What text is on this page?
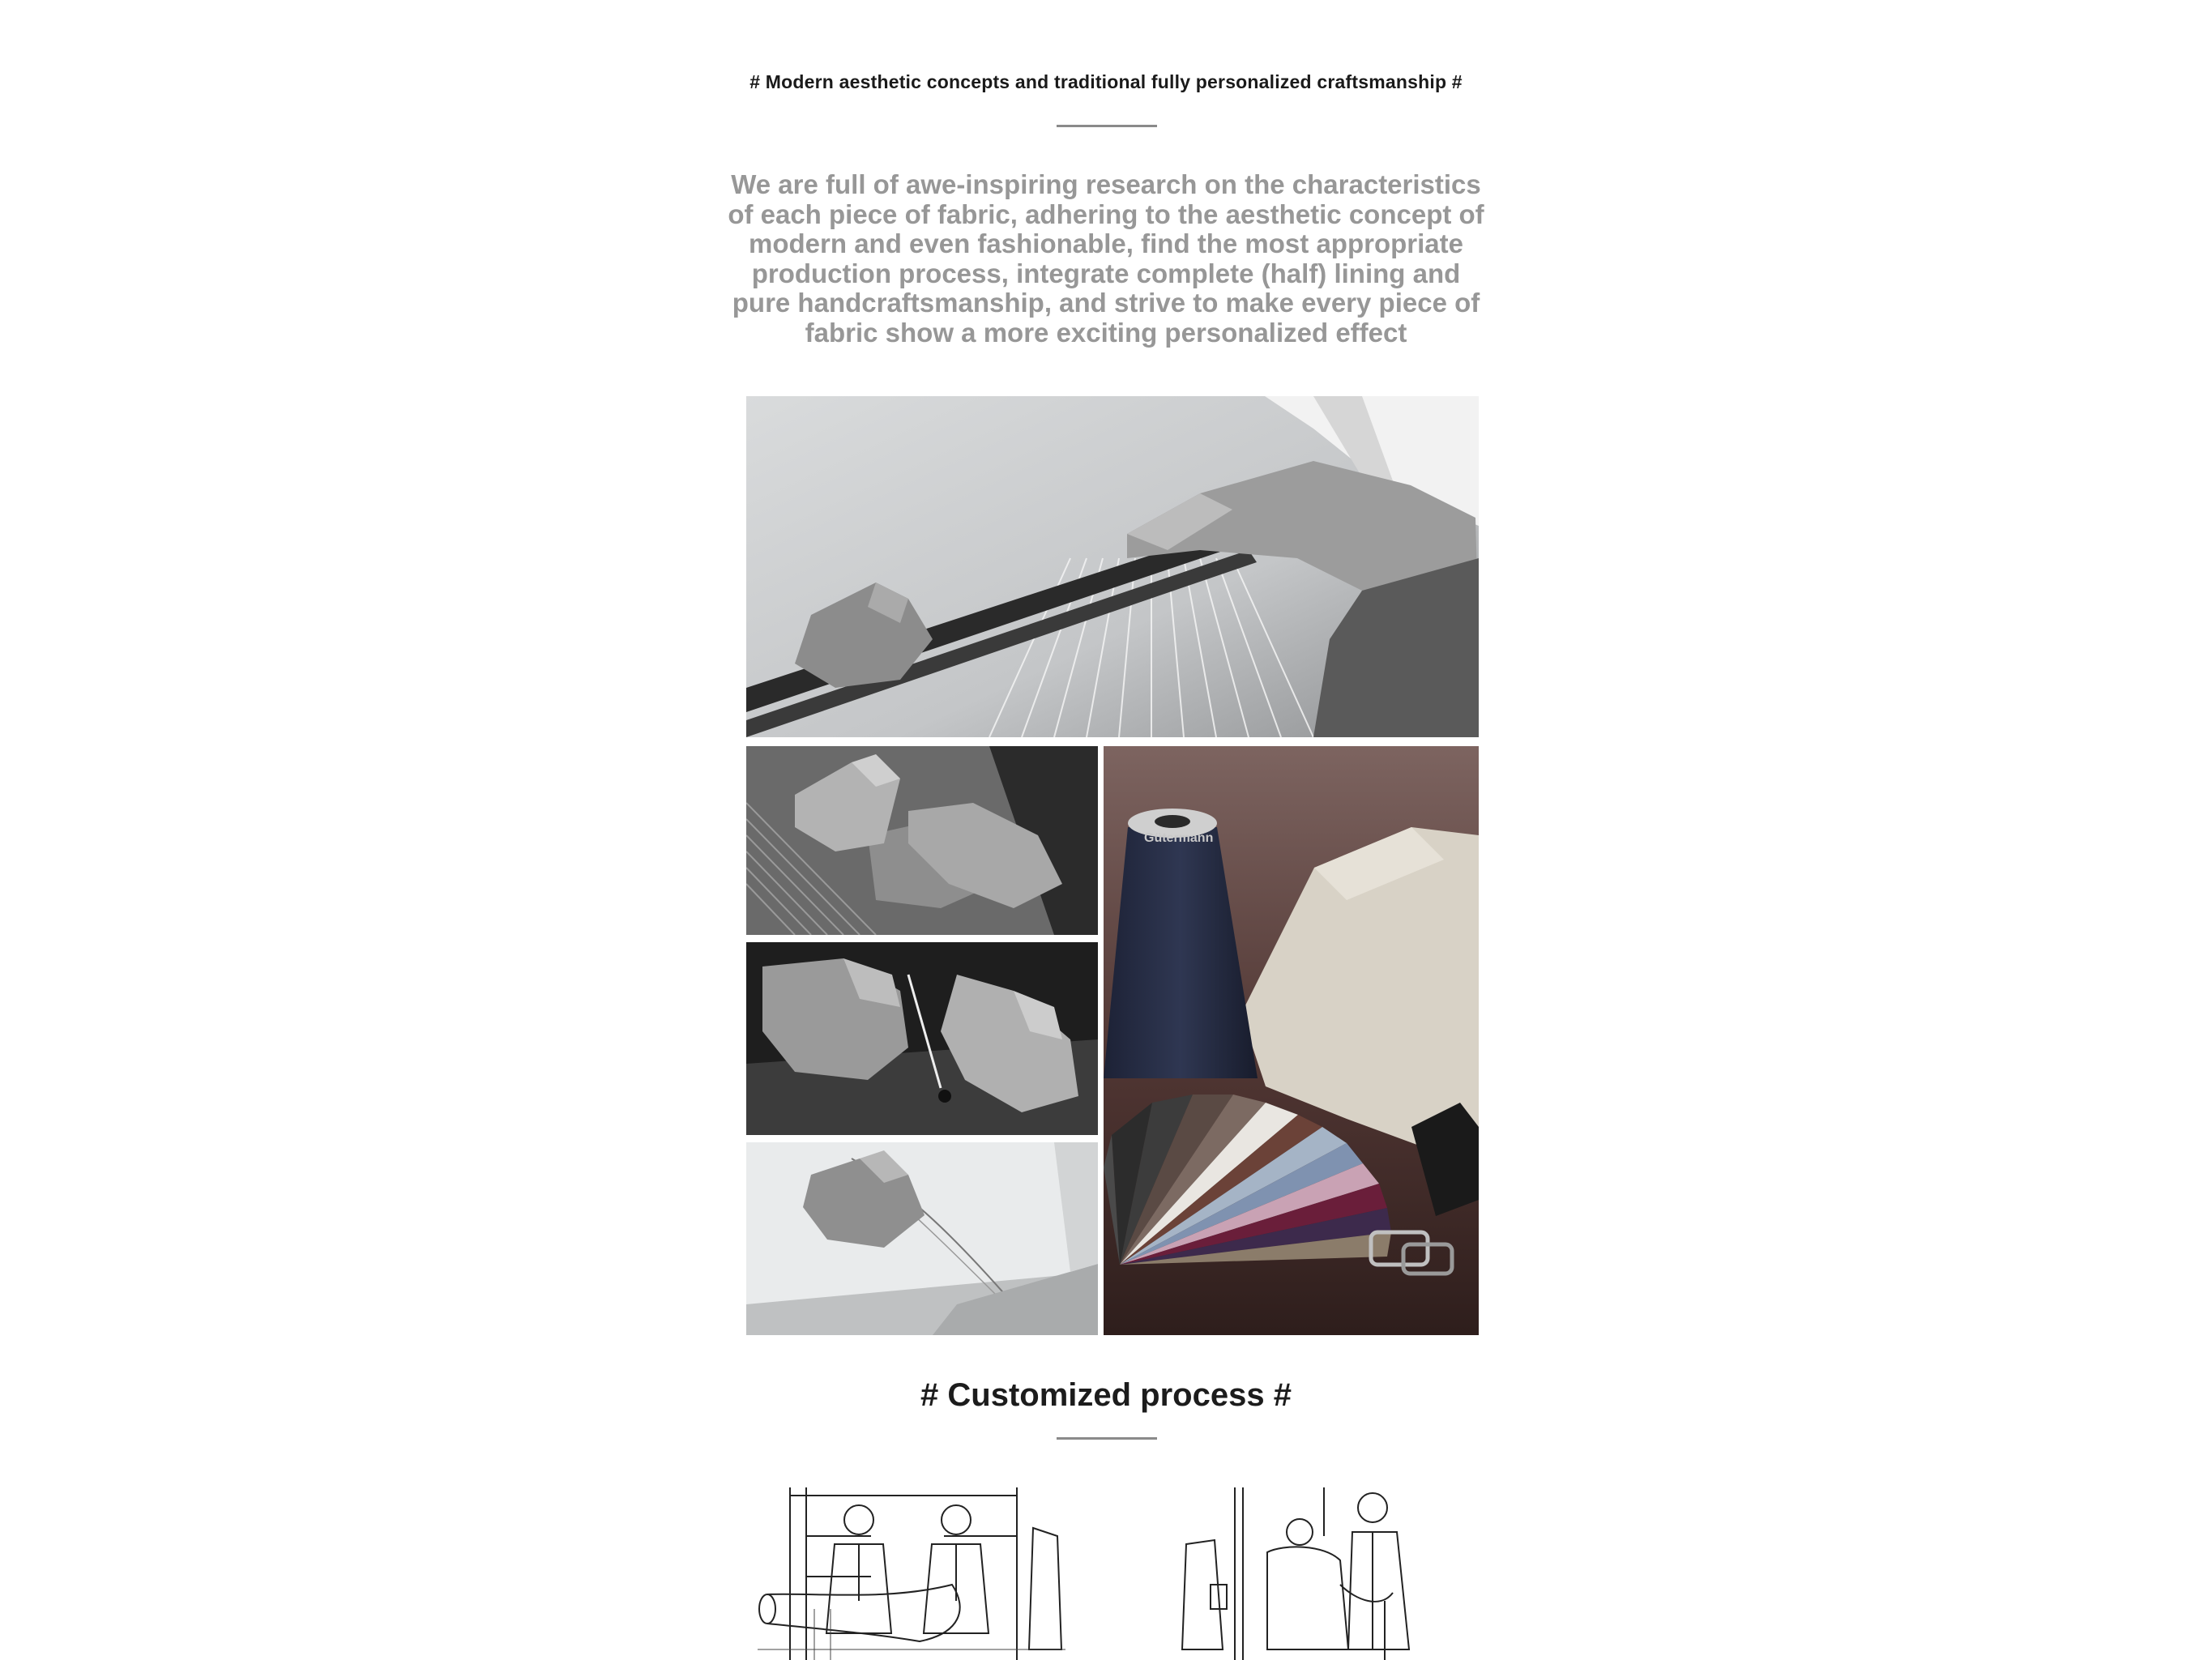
# Modern aesthetic concepts and traditional fully personalized craftsmanship #
We are full of awe-inspiring research on the characteristics
of each piece of fabric, adhering to the aesthetic concept of
modern and even fashionable, find the most appropriate
production process, integrate complete (half) lining and
pure handcraftsmanship, and strive to make every piece of
fabric show a more exciting personalized effect
Gütermann
# Customized process #
